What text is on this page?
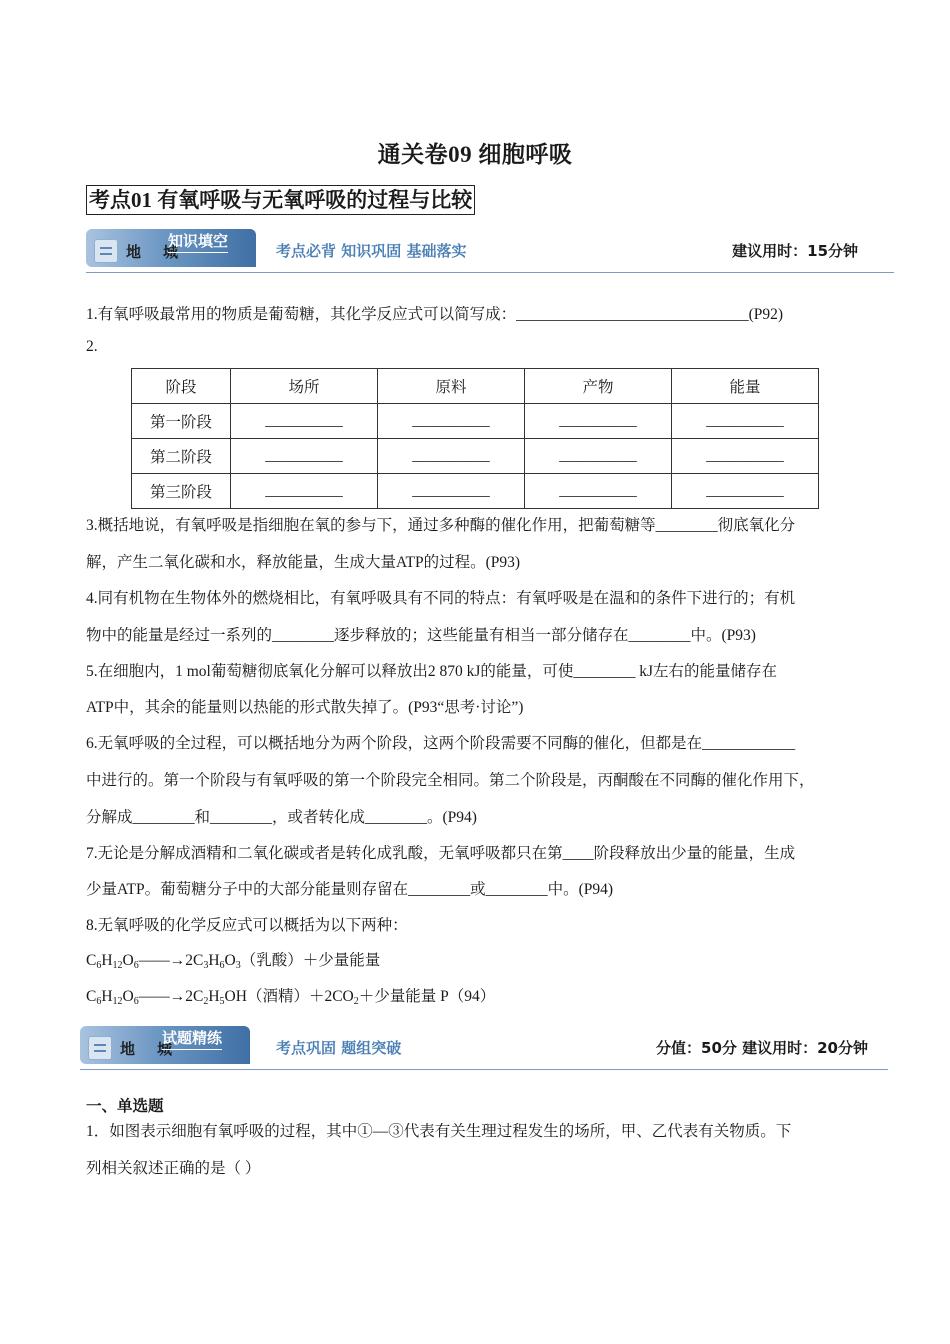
通关卷09 细胞呼吸
考点01 有氧呼吸与无氧呼吸的过程与比较
地城
知识填空
考点必背 知识巩固 基础落实	建议用时：15分钟
1.有氧呼吸最常用的物质是葡萄糖，其化学反应式可以简写成：______________________________(P92)
2.
阶段	场所	原料	产物	能量
第一阶段	__________	__________	__________	__________
第二阶段	__________	__________	__________	__________
第三阶段	__________	__________	__________	__________
3.概括地说，有氧呼吸是指细胞在氧的参与下，通过多种酶的催化作用，把葡萄糖等________彻底氧化分
解，产生二氧化碳和水，释放能量，生成大量ATP的过程。(P93)
4.同有机物在生物体外的燃烧相比，有氧呼吸具有不同的特点：有氧呼吸是在温和的条件下进行的；有机
物中的能量是经过一系列的________逐步释放的；这些能量有相当一部分储存在________中。(P93)
5.在细胞内，1 mol葡萄糖彻底氧化分解可以释放出2 870 kJ的能量，可使________ kJ左右的能量储存在
ATP中，其余的能量则以热能的形式散失掉了。(P93“思考·讨论”)
6.无氧呼吸的全过程，可以概括地分为两个阶段，这两个阶段需要不同酶的催化，但都是在____________
中进行的。第一个阶段与有氧呼吸的第一个阶段完全相同。第二个阶段是，丙酮酸在不同酶的催化作用下，
分解成________和________，或者转化成________。(P94)
7.无论是分解成酒精和二氧化碳或者是转化成乳酸，无氧呼吸都只在第____阶段释放出少量的能量，生成
少量ATP。葡萄糖分子中的大部分能量则存留在________或________中。(P94)
8.无氧呼吸的化学反应式可以概括为以下两种：
$C_6H_{12}O_6——\to 2C_3H_6O_3$（乳酸）＋少量能量
$C_6H_{12}O_6——\to 2C_2H_5OH$（酒精）$+2CO_2+$少量能量 P（94）
地城
试题精练
考点巩固 题组突破	分值：50分 建议用时：20分钟
一、单选题
1．如图表示细胞有氧呼吸的过程，其中①—③代表有关生理过程发生的场所，甲、乙代表有关物质。下
列相关叙述正确的是（ ）
